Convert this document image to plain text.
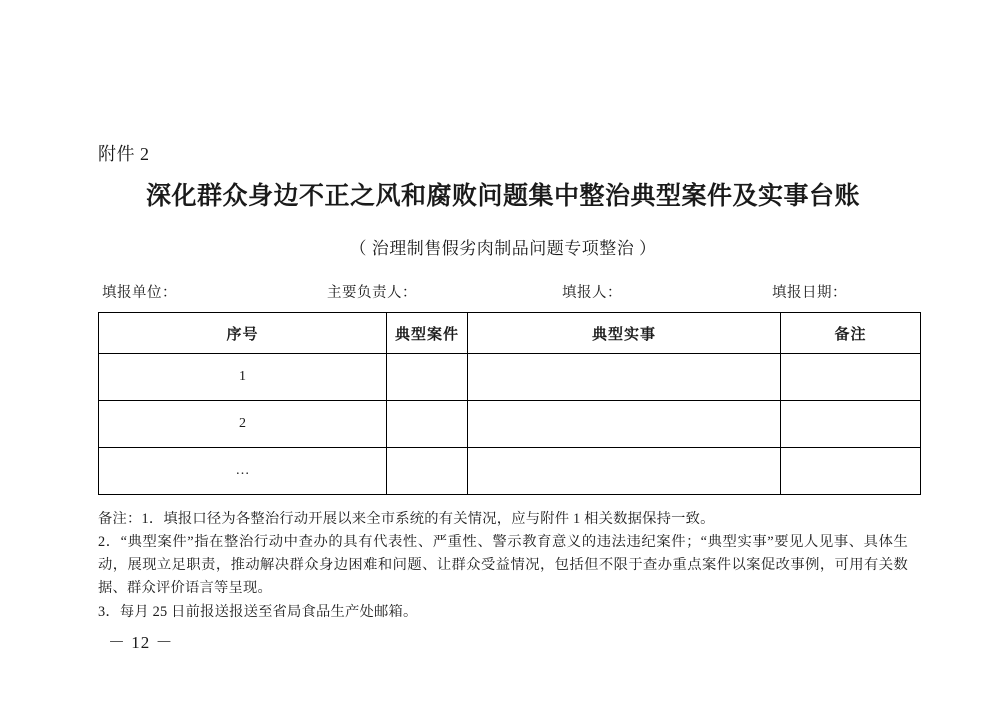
附件 2
深化群众身边不正之风和腐败问题集中整治典型案件及实事台账
（ 治理制售假劣肉制品问题专项整治 ）
填报单位：	主要负责人：	填报人：	填报日期：
序号	典型案件	典型实事	备注
1			
2			
…			

备注：1．填报口径为各整治行动开展以来全市系统的有关情况，应与附件 1 相关数据保持一致。

2．“典型案件”指在整治行动中查办的具有代表性、严重性、警示教育意义的违法违纪案件；“典型实事”要见人见事、具体生动，展现立足职责，推动解决群众身边困难和问题、让群众受益情况，包括但不限于查办重点案件以案促改事例，可用有关数据、群众评价语言等呈现。

3．每月 25 日前报送报送至省局食品生产处邮箱。

－ 12 －
